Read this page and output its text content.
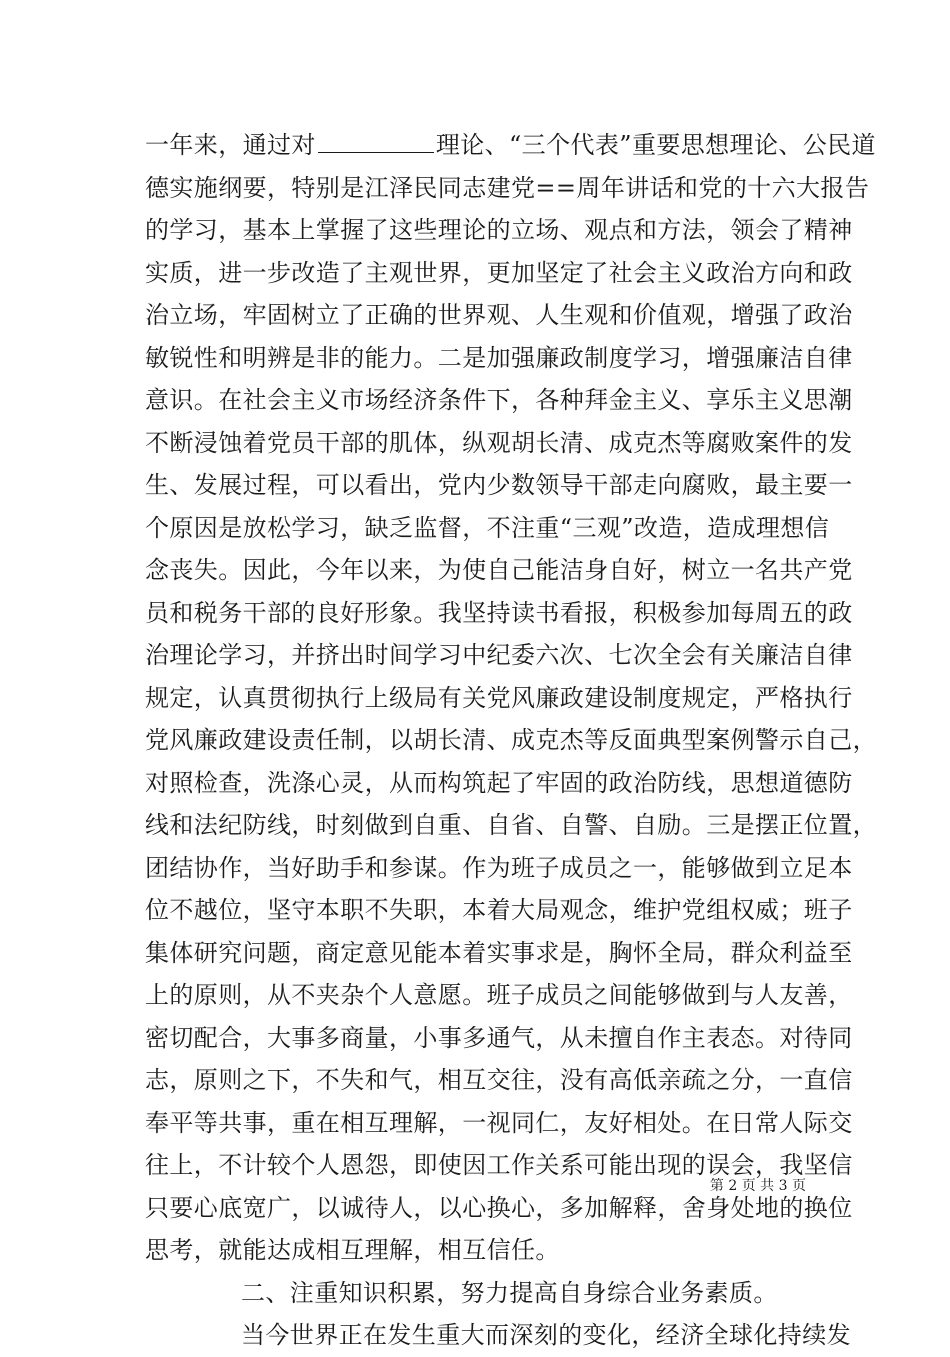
一年来，通过对	理论、“三个代表”重要思想理论、公民道
德实施纲要，特别是江泽民同志建党==周年讲话和党的十六大报告
的学习，基本上掌握了这些理论的立场、观点和方法，领会了精神
实质，进一步改造了主观世界，更加坚定了社会主义政治方向和政
治立场，牢固树立了正确的世界观、人生观和价值观，增强了政治
敏锐性和明辨是非的能力。二是加强廉政制度学习，增强廉洁自律
意识。在社会主义市场经济条件下，各种拜金主义、享乐主义思潮
不断浸蚀着党员干部的肌体，纵观胡长清、成克杰等腐败案件的发
生、发展过程，可以看出，党内少数领导干部走向腐败，最主要一
个原因是放松学习，缺乏监督，不注重“三观”改造，造成理想信
念丧失。因此，今年以来，为使自己能洁身自好，树立一名共产党
员和税务干部的良好形象。我坚持读书看报，积极参加每周五的政
治理论学习，并挤出时间学习中纪委六次、七次全会有关廉洁自律
规定，认真贯彻执行上级局有关党风廉政建设制度规定，严格执行
党风廉政建设责任制，以胡长清、成克杰等反面典型案例警示自己，
对照检查，洗涤心灵，从而构筑起了牢固的政治防线，思想道德防
线和法纪防线，时刻做到自重、自省、自警、自励。三是摆正位置，
团结协作，当好助手和参谋。作为班子成员之一，能够做到立足本
位不越位，坚守本职不失职，本着大局观念，维护党组权威；班子
集体研究问题，商定意见能本着实事求是，胸怀全局，群众利益至
上的原则，从不夹杂个人意愿。班子成员之间能够做到与人友善，
密切配合，大事多商量，小事多通气，从未擅自作主表态。对待同
志，原则之下，不失和气，相互交往，没有高低亲疏之分，一直信
奉平等共事，重在相互理解，一视同仁，友好相处。在日常人际交
往上，不计较个人恩怨，即使因工作关系可能出现的误会，我坚信
只要心底宽广，以诚待人，以心换心，多加解释，舍身处地的换位
思考，就能达成相互理解，相互信任。
二、注重知识积累，努力提高自身综合业务素质。
当今世界正在发生重大而深刻的变化，经济全球化持续发
第 2 页 共 3 页
